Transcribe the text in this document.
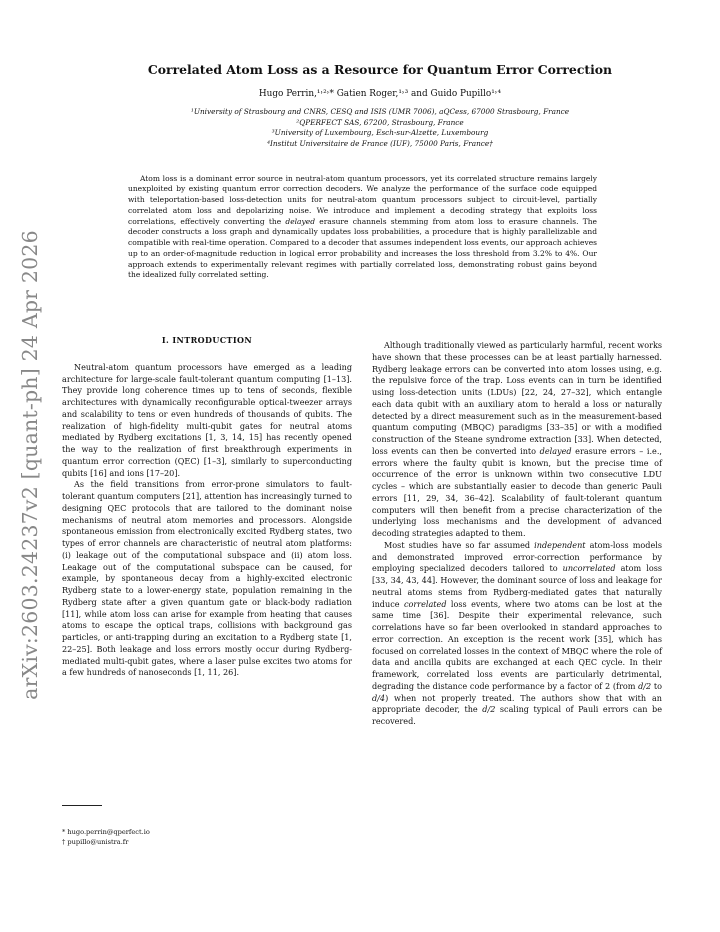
arXiv:2603.24237v2 [quant-ph] 24 Apr 2026
Correlated Atom Loss as a Resource for Quantum Error Correction
Hugo Perrin,¹˒²˒* Gatien Roger,¹˒³ and Guido Pupillo¹˒⁴
¹University of Strasbourg and CNRS, CESQ and ISIS (UMR 7006), aQCess, 67000 Strasbourg, France
²QPERFECT SAS, 67200, Strasbourg, France
³University of Luxembourg, Esch-sur-Alzette, Luxembourg
⁴Institut Universitaire de France (IUF), 75000 Paris, France†

Atom loss is a dominant error source in neutral-atom quantum processors, yet its correlated structure remains largely unexploited by existing quantum error correction decoders. We analyze the performance of the surface code equipped with teleportation-based loss-detection units for neutral-atom quantum processors subject to circuit-level, partially correlated atom loss and depolarizing noise. We introduce and implement a decoding strategy that exploits loss correlations, effectively converting the delayed erasure channels stemming from atom loss to erasure channels. The decoder constructs a loss graph and dynamically updates loss probabilities, a procedure that is highly parallelizable and compatible with real-time operation. Compared to a decoder that assumes independent loss events, our approach achieves up to an order-of-magnitude reduction in logical error probability and increases the loss threshold from 3.2% to 4%. Our approach extends to experimentally relevant regimes with partially correlated loss, demonstrating robust gains beyond the idealized fully correlated setting.

I. INTRODUCTION

Neutral-atom quantum processors have emerged as a leading architecture for large-scale fault-tolerant quantum computing [1–13]. They provide long coherence times up to tens of seconds, flexible architectures with dynamically reconfigurable optical-tweezer arrays and scalability to tens or even hundreds of thousands of qubits. The realization of high-fidelity multi-qubit gates for neutral atoms mediated by Rydberg excitations [1, 3, 14, 15] has recently opened the way to the realization of first breakthrough experiments in quantum error correction (QEC) [1–3], similarly to superconducting qubits [16] and ions [17–20].

As the field transitions from error-prone simulators to fault-tolerant quantum computers [21], attention has increasingly turned to designing QEC protocols that are tailored to the dominant noise mechanisms of neutral atom memories and processors. Alongside spontaneous emission from electronically excited Rydberg states, two types of error channels are characteristic of neutral atom platforms: (i) leakage out of the computational subspace and (ii) atom loss. Leakage out of the computational subspace can be caused, for example, by spontaneous decay from a highly-excited electronic Rydberg state to a lower-energy state, population remaining in the Rydberg state after a given quantum gate or black-body radiation [11], while atom loss can arise for example from heating that causes atoms to escape the optical traps, collisions with background gas particles, or anti-trapping during an excitation to a Rydberg state [1, 22–25]. Both leakage and loss errors mostly occur during Rydberg-mediated multi-qubit gates, where a laser pulse excites two atoms for a few hundreds of nanoseconds [1, 11, 26].

Although traditionally viewed as particularly harmful, recent works have shown that these processes can be at least partially harnessed. Rydberg leakage errors can be converted into atom losses using, e.g. the repulsive force of the trap. Loss events can in turn be identified using loss-detection units (LDUs) [22, 24, 27–32], which entangle each data qubit with an auxiliary atom to herald a loss or naturally detected by a direct measurement such as in the measurement-based quantum computing (MBQC) paradigms [33–35] or with a modified construction of the Steane syndrome extraction [33]. When detected, loss events can then be converted into delayed erasure errors – i.e., errors where the faulty qubit is known, but the precise time of occurrence of the error is unknown within two consecutive LDU cycles – which are substantially easier to decode than generic Pauli errors [11, 29, 34, 36–42]. Scalability of fault-tolerant quantum computers will then benefit from a precise characterization of the underlying loss mechanisms and the development of advanced decoding strategies adapted to them.

Most studies have so far assumed independent atom-loss models and demonstrated improved error-correction performance by employing specialized decoders tailored to uncorrelated atom loss [33, 34, 43, 44]. However, the dominant source of loss and leakage for neutral atoms stems from Rydberg-mediated gates that naturally induce correlated loss events, where two atoms can be lost at the same time [36]. Despite their experimental relevance, such correlations have so far been overlooked in standard approaches to error correction. An exception is the recent work [35], which has focused on correlated losses in the context of MBQC where the role of data and ancilla qubits are exchanged at each QEC cycle. In their framework, correlated loss events are particularly detrimental, degrading the distance code performance by a factor of 2 (from d/2 to d/4) when not properly treated. The authors show that with an appropriate decoder, the d/2 scaling typical of Pauli errors can be recovered.

* hugo.perrin@qperfect.io
† pupillo@unistra.fr
